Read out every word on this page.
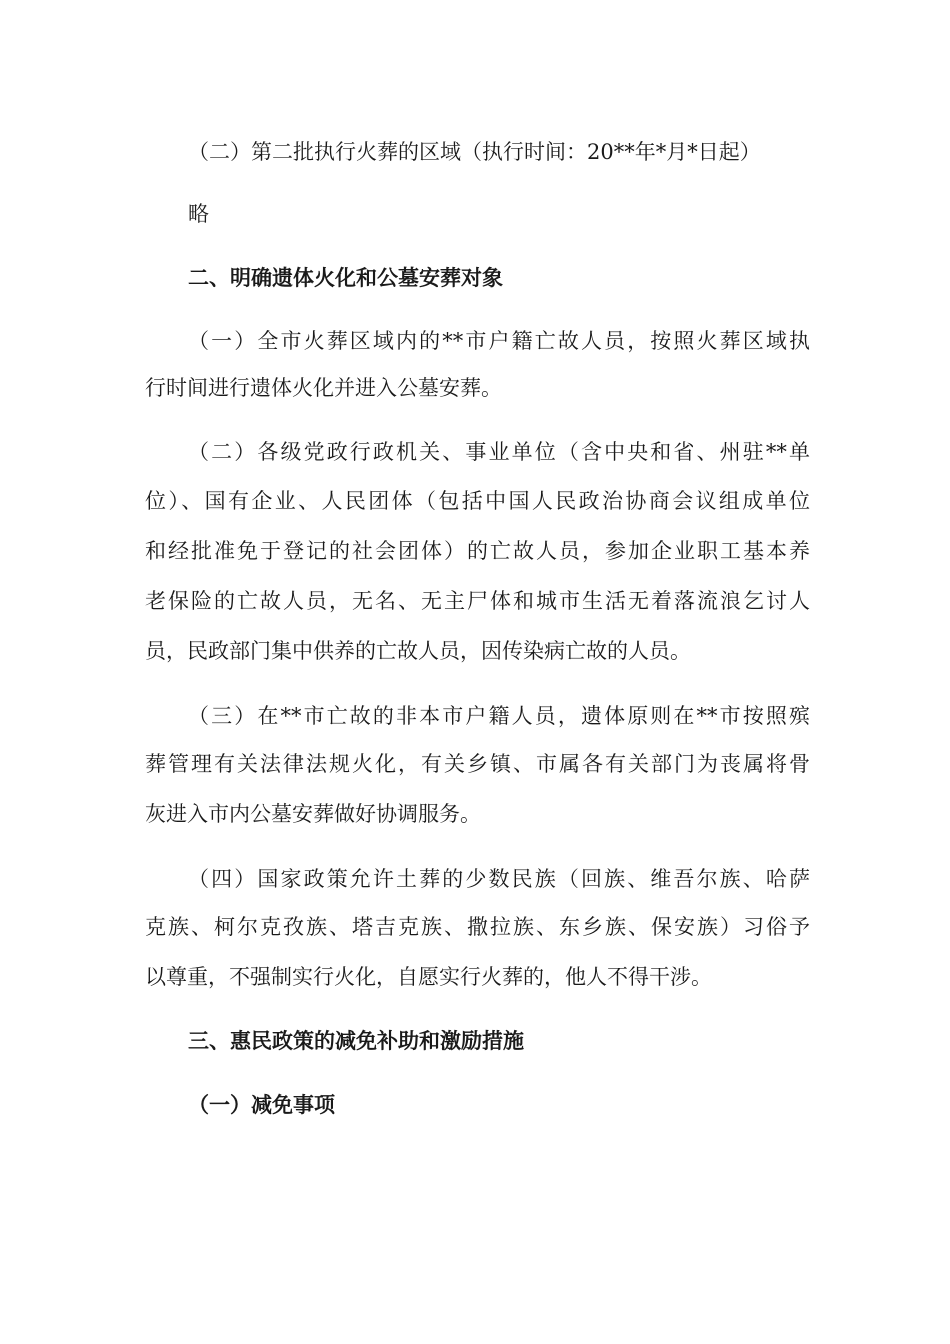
（二）第二批执行火葬的区域（执行时间：20**年*月*日起）
略
二、明确遗体火化和公墓安葬对象
（一）全市火葬区域内的**市户籍亡故人员，按照火葬区域执
行时间进行遗体火化并进入公墓安葬。
（二）各级党政行政机关、事业单位（含中央和省、州驻**单
位）、国有企业、人民团体（包括中国人民政治协商会议组成单位
和经批准免于登记的社会团体）的亡故人员，参加企业职工基本养
老保险的亡故人员，无名、无主尸体和城市生活无着落流浪乞讨人
员，民政部门集中供养的亡故人员，因传染病亡故的人员。
（三）在**市亡故的非本市户籍人员，遗体原则在**市按照殡
葬管理有关法律法规火化，有关乡镇、市属各有关部门为丧属将骨
灰进入市内公墓安葬做好协调服务。
（四）国家政策允许土葬的少数民族（回族、维吾尔族、哈萨
克族、柯尔克孜族、塔吉克族、撒拉族、东乡族、保安族）习俗予
以尊重，不强制实行火化，自愿实行火葬的，他人不得干涉。
三、惠民政策的减免补助和激励措施
（一）减免事项
